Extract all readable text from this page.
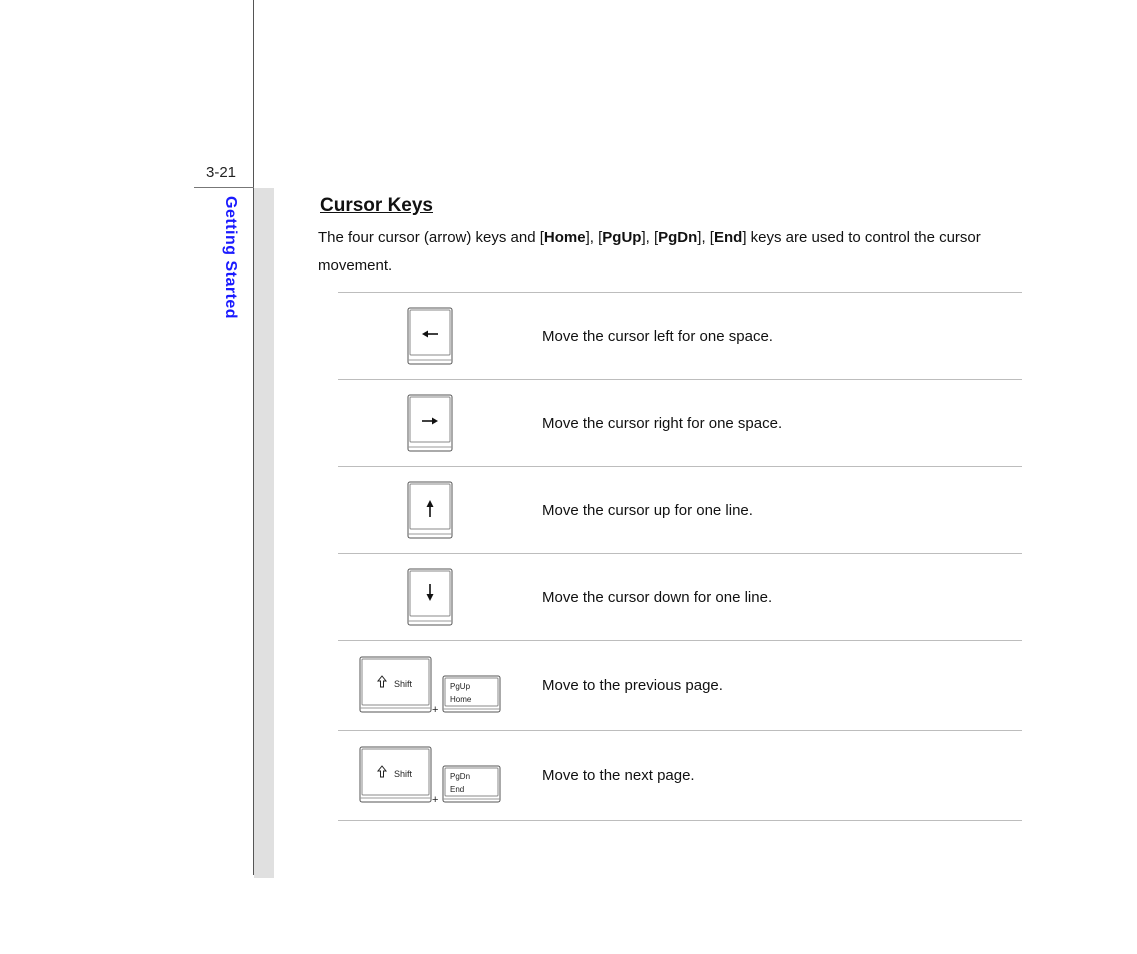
3-21
Getting Started	Cursor Keys
The four cursor (arrow) keys and [Home], [PgUp], [PgDn], [End] keys are used to control the cursor movement.
Move the cursor left for one space.
Move the cursor right for one space.
Move the cursor up for one line.
Move the cursor down for one line.
Shift	PgUp
Home
+
Move to the previous page.
Shift	PgDn
End
+
Move to the next page.
